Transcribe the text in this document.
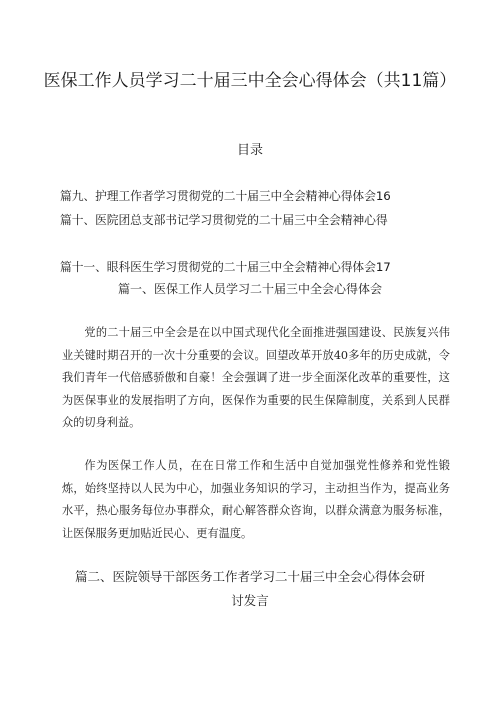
医保工作人员学习二十届三中全会心得体会（共11篇）
目录
篇九、护理工作者学习贯彻党的二十届三中全会精神心得体会16
篇十、医院团总支部书记学习贯彻党的二十届三中全会精神心得
篇十一、眼科医生学习贯彻党的二十届三中全会精神心得体会17
篇一、医保工作人员学习二十届三中全会心得体会
党的二十届三中全会是在以中国式现代化全面推进强国建设、民族复兴伟业关键时期召开的一次十分重要的会议。回望改革开放40多年的历史成就，令我们青年一代倍感骄傲和自豪！全会强调了进一步全面深化改革的重要性，这为医保事业的发展指明了方向，医保作为重要的民生保障制度，关系到人民群众的切身利益。
作为医保工作人员，在在日常工作和生活中自觉加强党性修养和党性锻炼，始终坚持以人民为中心，加强业务知识的学习，主动担当作为，提高业务水平，热心服务每位办事群众，耐心解答群众咨询，以群众满意为服务标准，让医保服务更加贴近民心、更有温度。
篇二、医院领导干部医务工作者学习二十届三中全会心得体会研讨发言
